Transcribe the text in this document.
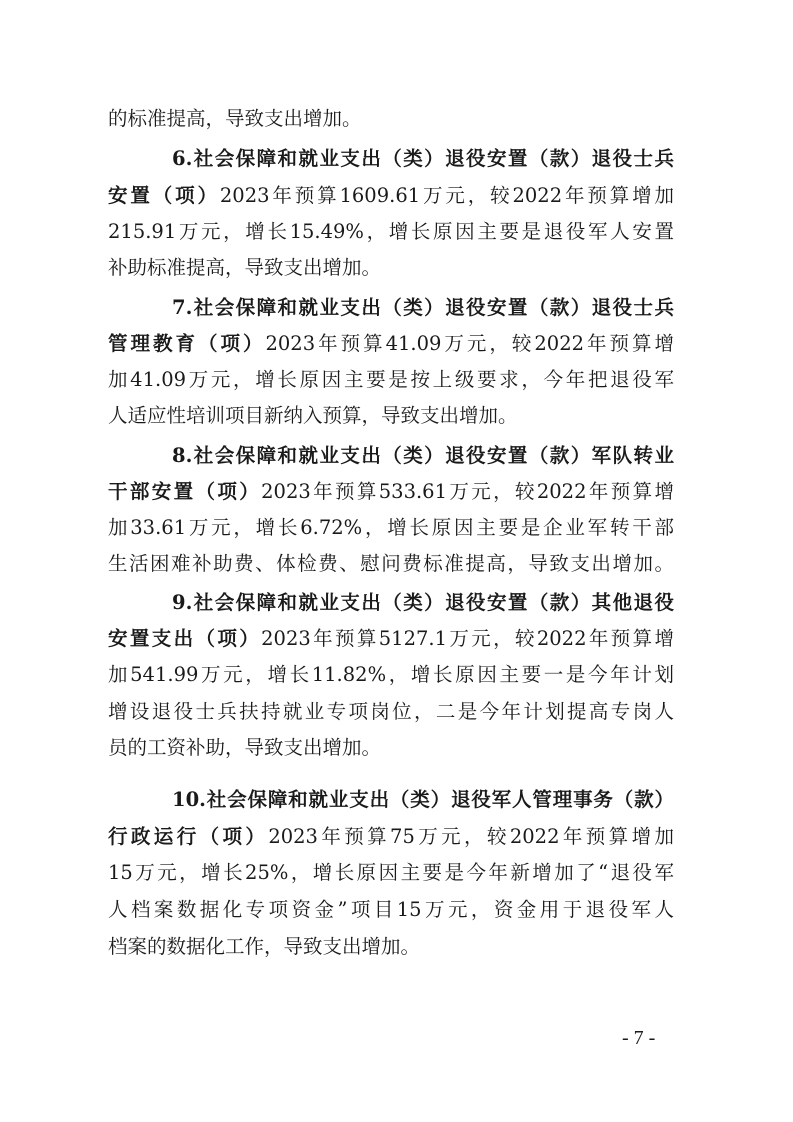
的标准提高，导致支出增加。
6.社会保障和就业支出（类）退役安置（款）退役士兵
安置（项）2023年预算1609.61万元，较2022年预算增加
215.91万元，增长15.49%，增长原因主要是退役军人安置
补助标准提高，导致支出增加。
7.社会保障和就业支出（类）退役安置（款）退役士兵
管理教育（项）2023年预算41.09万元，较2022年预算增
加41.09万元，增长原因主要是按上级要求，今年把退役军
人适应性培训项目新纳入预算，导致支出增加。
8.社会保障和就业支出（类）退役安置（款）军队转业
干部安置（项）2023年预算533.61万元，较2022年预算增
加33.61万元，增长6.72%，增长原因主要是企业军转干部
生活困难补助费、体检费、慰问费标准提高，导致支出增加。
9.社会保障和就业支出（类）退役安置（款）其他退役
安置支出（项）2023年预算5127.1万元，较2022年预算增
加541.99万元，增长11.82%，增长原因主要一是今年计划
增设退役士兵扶持就业专项岗位，二是今年计划提高专岗人
员的工资补助，导致支出增加。
10.社会保障和就业支出（类）退役军人管理事务（款）
行政运行（项）2023年预算75万元，较2022年预算增加
15万元，增长25%，增长原因主要是今年新增加了“退役军
人档案数据化专项资金”项目15万元，资金用于退役军人
档案的数据化工作，导致支出增加。
- 7 -
